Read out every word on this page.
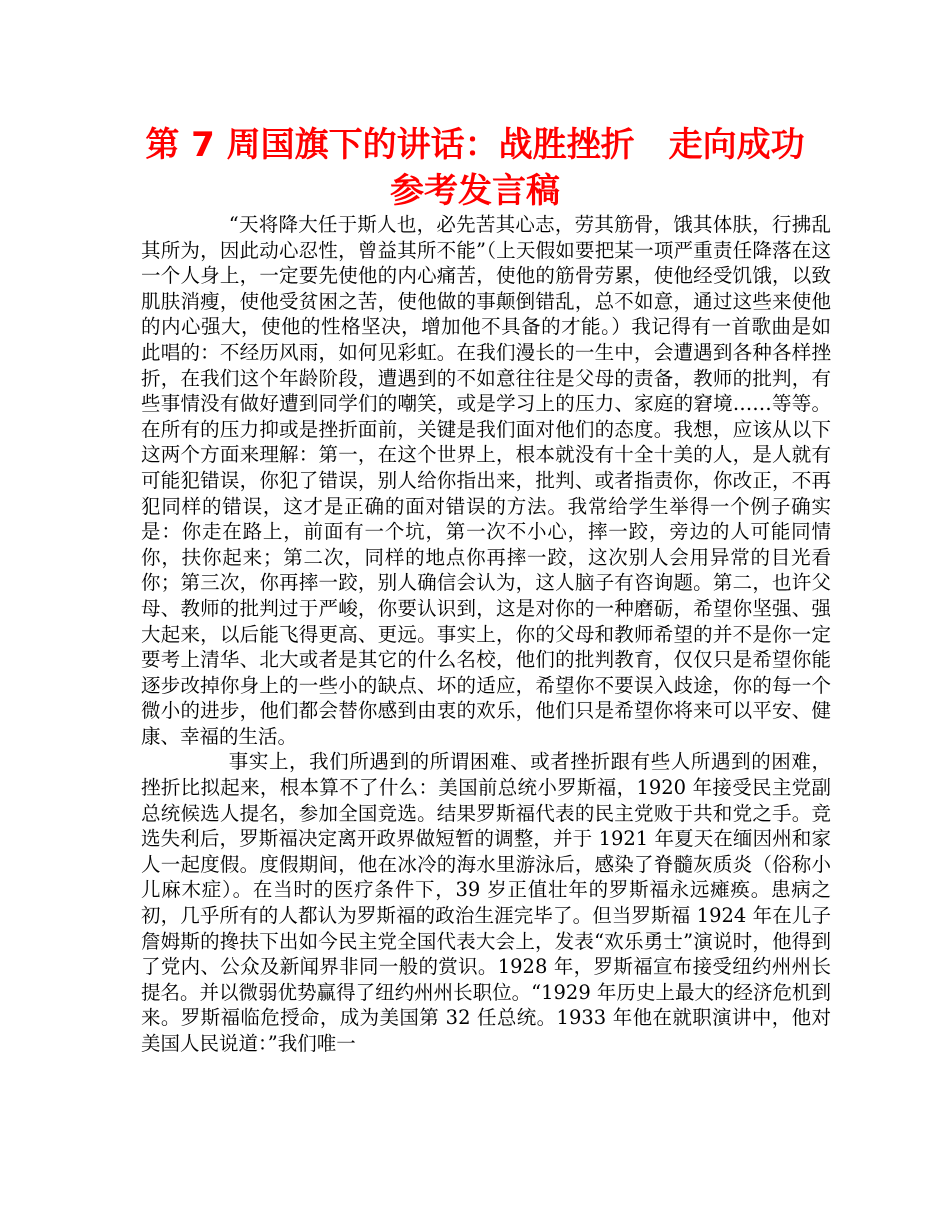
第 7 周国旗下的讲话：战胜挫折　走向成功参考发言稿

“天将降大任于斯人也，必先苦其心志，劳其筋骨，饿其体肤，行拂乱其所为，因此动心忍性，曾益其所不能”（上天假如要把某一项严重责任降落在这一个人身上，一定要先使他的内心痛苦，使他的筋骨劳累，使他经受饥饿，以致肌肤消瘦，使他受贫困之苦，使他做的事颠倒错乱，总不如意，通过这些来使他的内心强大，使他的性格坚决，增加他不具备的才能。）我记得有一首歌曲是如此唱的：不经历风雨，如何见彩虹。在我们漫长的一生中，会遭遇到各种各样挫折，在我们这个年龄阶段，遭遇到的不如意往往是父母的责备，教师的批判，有些事情没有做好遭到同学们的嘲笑，或是学习上的压力、家庭的窘境……等等。在所有的压力抑或是挫折面前，关键是我们面对他们的态度。我想，应该从以下这两个方面来理解：第一，在这个世界上，根本就没有十全十美的人，是人就有可能犯错误，你犯了错误，别人给你指出来，批判、或者指责你，你改正，不再犯同样的错误，这才是正确的面对错误的方法。我常给学生举得一个例子确实是：你走在路上，前面有一个坑，第一次不小心，摔一跤，旁边的人可能同情你，扶你起来；第二次，同样的地点你再摔一跤，这次别人会用异常的目光看你；第三次，你再摔一跤，别人确信会认为，这人脑子有咨询题。第二，也许父母、教师的批判过于严峻，你要认识到，这是对你的一种磨砺，希望你坚强、强大起来，以后能飞得更高、更远。事实上，你的父母和教师希望的并不是你一定要考上清华、北大或者是其它的什么名校，他们的批判教育，仅仅只是希望你能逐步改掉你身上的一些小的缺点、坏的适应，希望你不要误入歧途，你的每一个微小的进步，他们都会替你感到由衷的欢乐，他们只是希望你将来可以平安、健康、幸福的生活。

事实上，我们所遇到的所谓困难、或者挫折跟有些人所遇到的困难，挫折比拟起来，根本算不了什么：美国前总统小罗斯福，1920 年接受民主党副总统候选人提名，参加全国竞选。结果罗斯福代表的民主党败于共和党之手。竞选失利后，罗斯福决定离开政界做短暂的调整，并于 1921 年夏天在缅因州和家人一起度假。度假期间，他在冰冷的海水里游泳后，感染了脊髓灰质炎（俗称小儿麻木症）。在当时的医疗条件下，39 岁正值壮年的罗斯福永远瘫痪。患病之初，几乎所有的人都认为罗斯福的政治生涯完毕了。但当罗斯福 1924 年在儿子詹姆斯的搀扶下出如今民主党全国代表大会上，发表“欢乐勇士”演说时，他得到了党内、公众及新闻界非同一般的赏识。1928 年，罗斯福宣布接受纽约州州长提名。并以微弱优势赢得了纽约州州长职位。“1929 年历史上最大的经济危机到来。罗斯福临危授命，成为美国第 32 任总统。1933 年他在就职演讲中，他对美国人民说道：”我们唯一
